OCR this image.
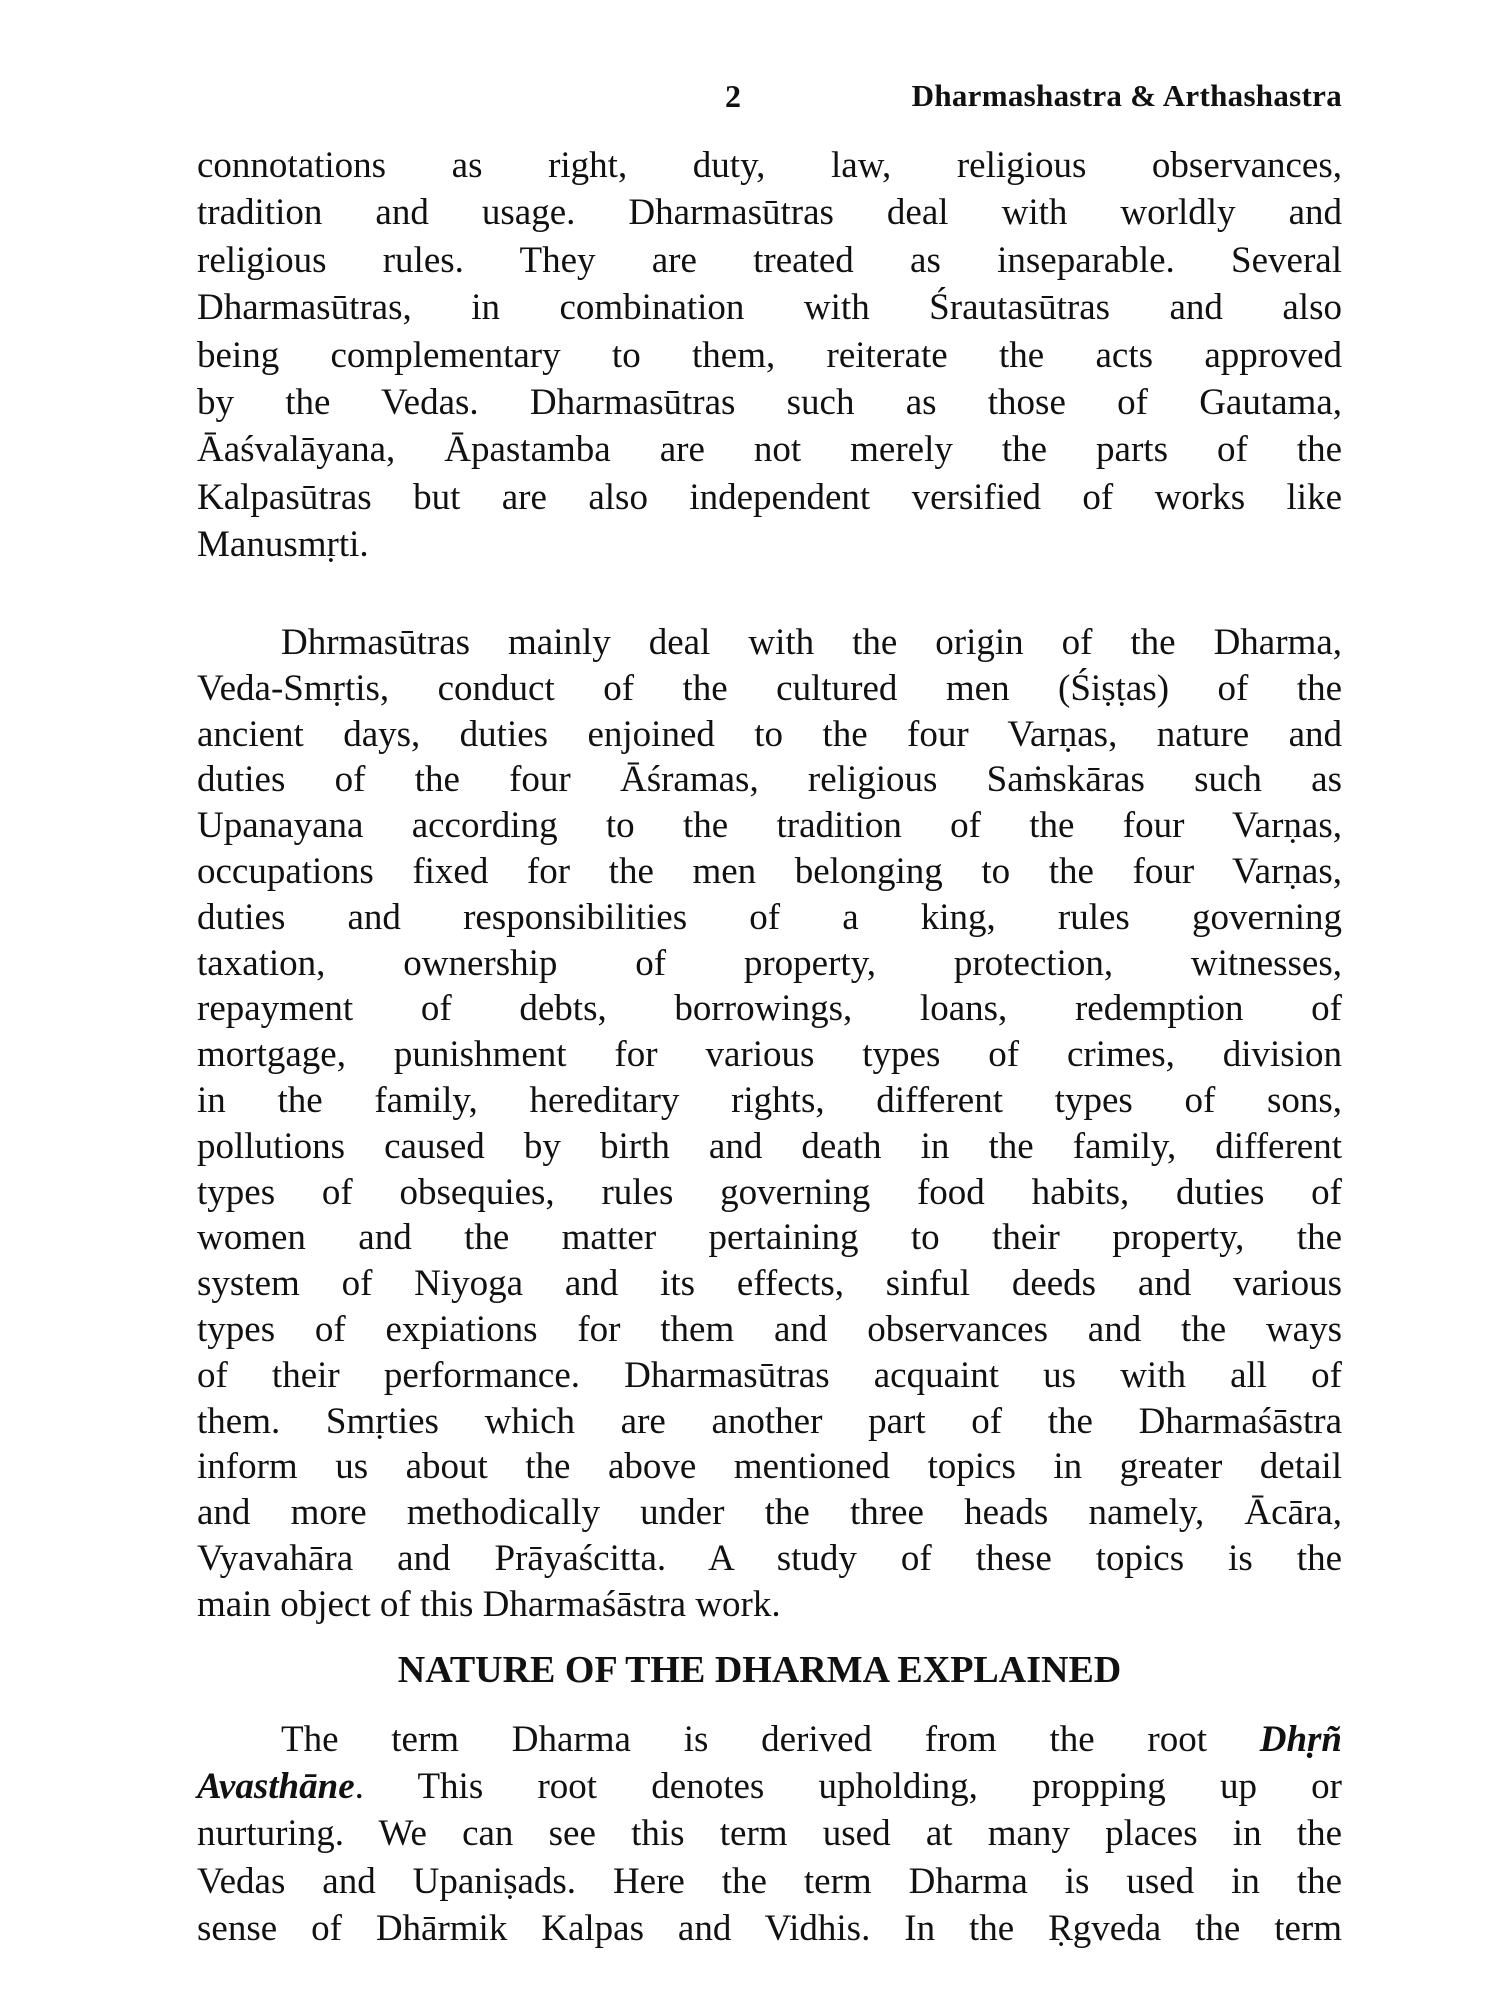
2	Dharmashastra & Arthashastra
connotations as right, duty, law, religious observances,
tradition and usage. Dharmasūtras deal with worldly and
religious rules. They are treated as inseparable. Several
Dharmasūtras, in combination with Śrautasūtras and also
being complementary to them, reiterate the acts approved
by the Vedas. Dharmasūtras such as those of Gautama,
Āaśvalāyana, Āpastamba are not merely the parts of the
Kalpasūtras but are also independent versified of works like
Manusmṛti.
Dhrmasūtras mainly deal with the origin of the Dharma,
Veda-Smṛtis, conduct of the cultured men (Śiṣṭas) of the
ancient days, duties enjoined to the four Varṇas, nature and
duties of the four Āśramas, religious Saṁskāras such as
Upanayana according to the tradition of the four Varṇas,
occupations fixed for the men belonging to the four Varṇas,
duties and responsibilities of a king, rules governing
taxation, ownership of property, protection, witnesses,
repayment of debts, borrowings, loans, redemption of
mortgage, punishment for various types of crimes, division
in the family, hereditary rights, different types of sons,
pollutions caused by birth and death in the family, different
types of obsequies, rules governing food habits, duties of
women and the matter pertaining to their property, the
system of Niyoga and its effects, sinful deeds and various
types of expiations for them and observances and the ways
of their performance. Dharmasūtras acquaint us with all of
them. Smṛties which are another part of the Dharmaśāstra
inform us about the above mentioned topics in greater detail
and more methodically under the three heads namely, Ācāra,
Vyavahāra and Prāyaścitta. A study of these topics is the
main object of this Dharmaśāstra work.
NATURE OF THE DHARMA EXPLAINED
The term Dharma is derived from the root Dhṛñ
Avasthāne. This root denotes upholding, propping up or
nurturing. We can see this term used at many places in the
Vedas and Upaniṣads. Here the term Dharma is used in the
sense of Dhārmik Kalpas and Vidhis. In the Ṛgveda the term
